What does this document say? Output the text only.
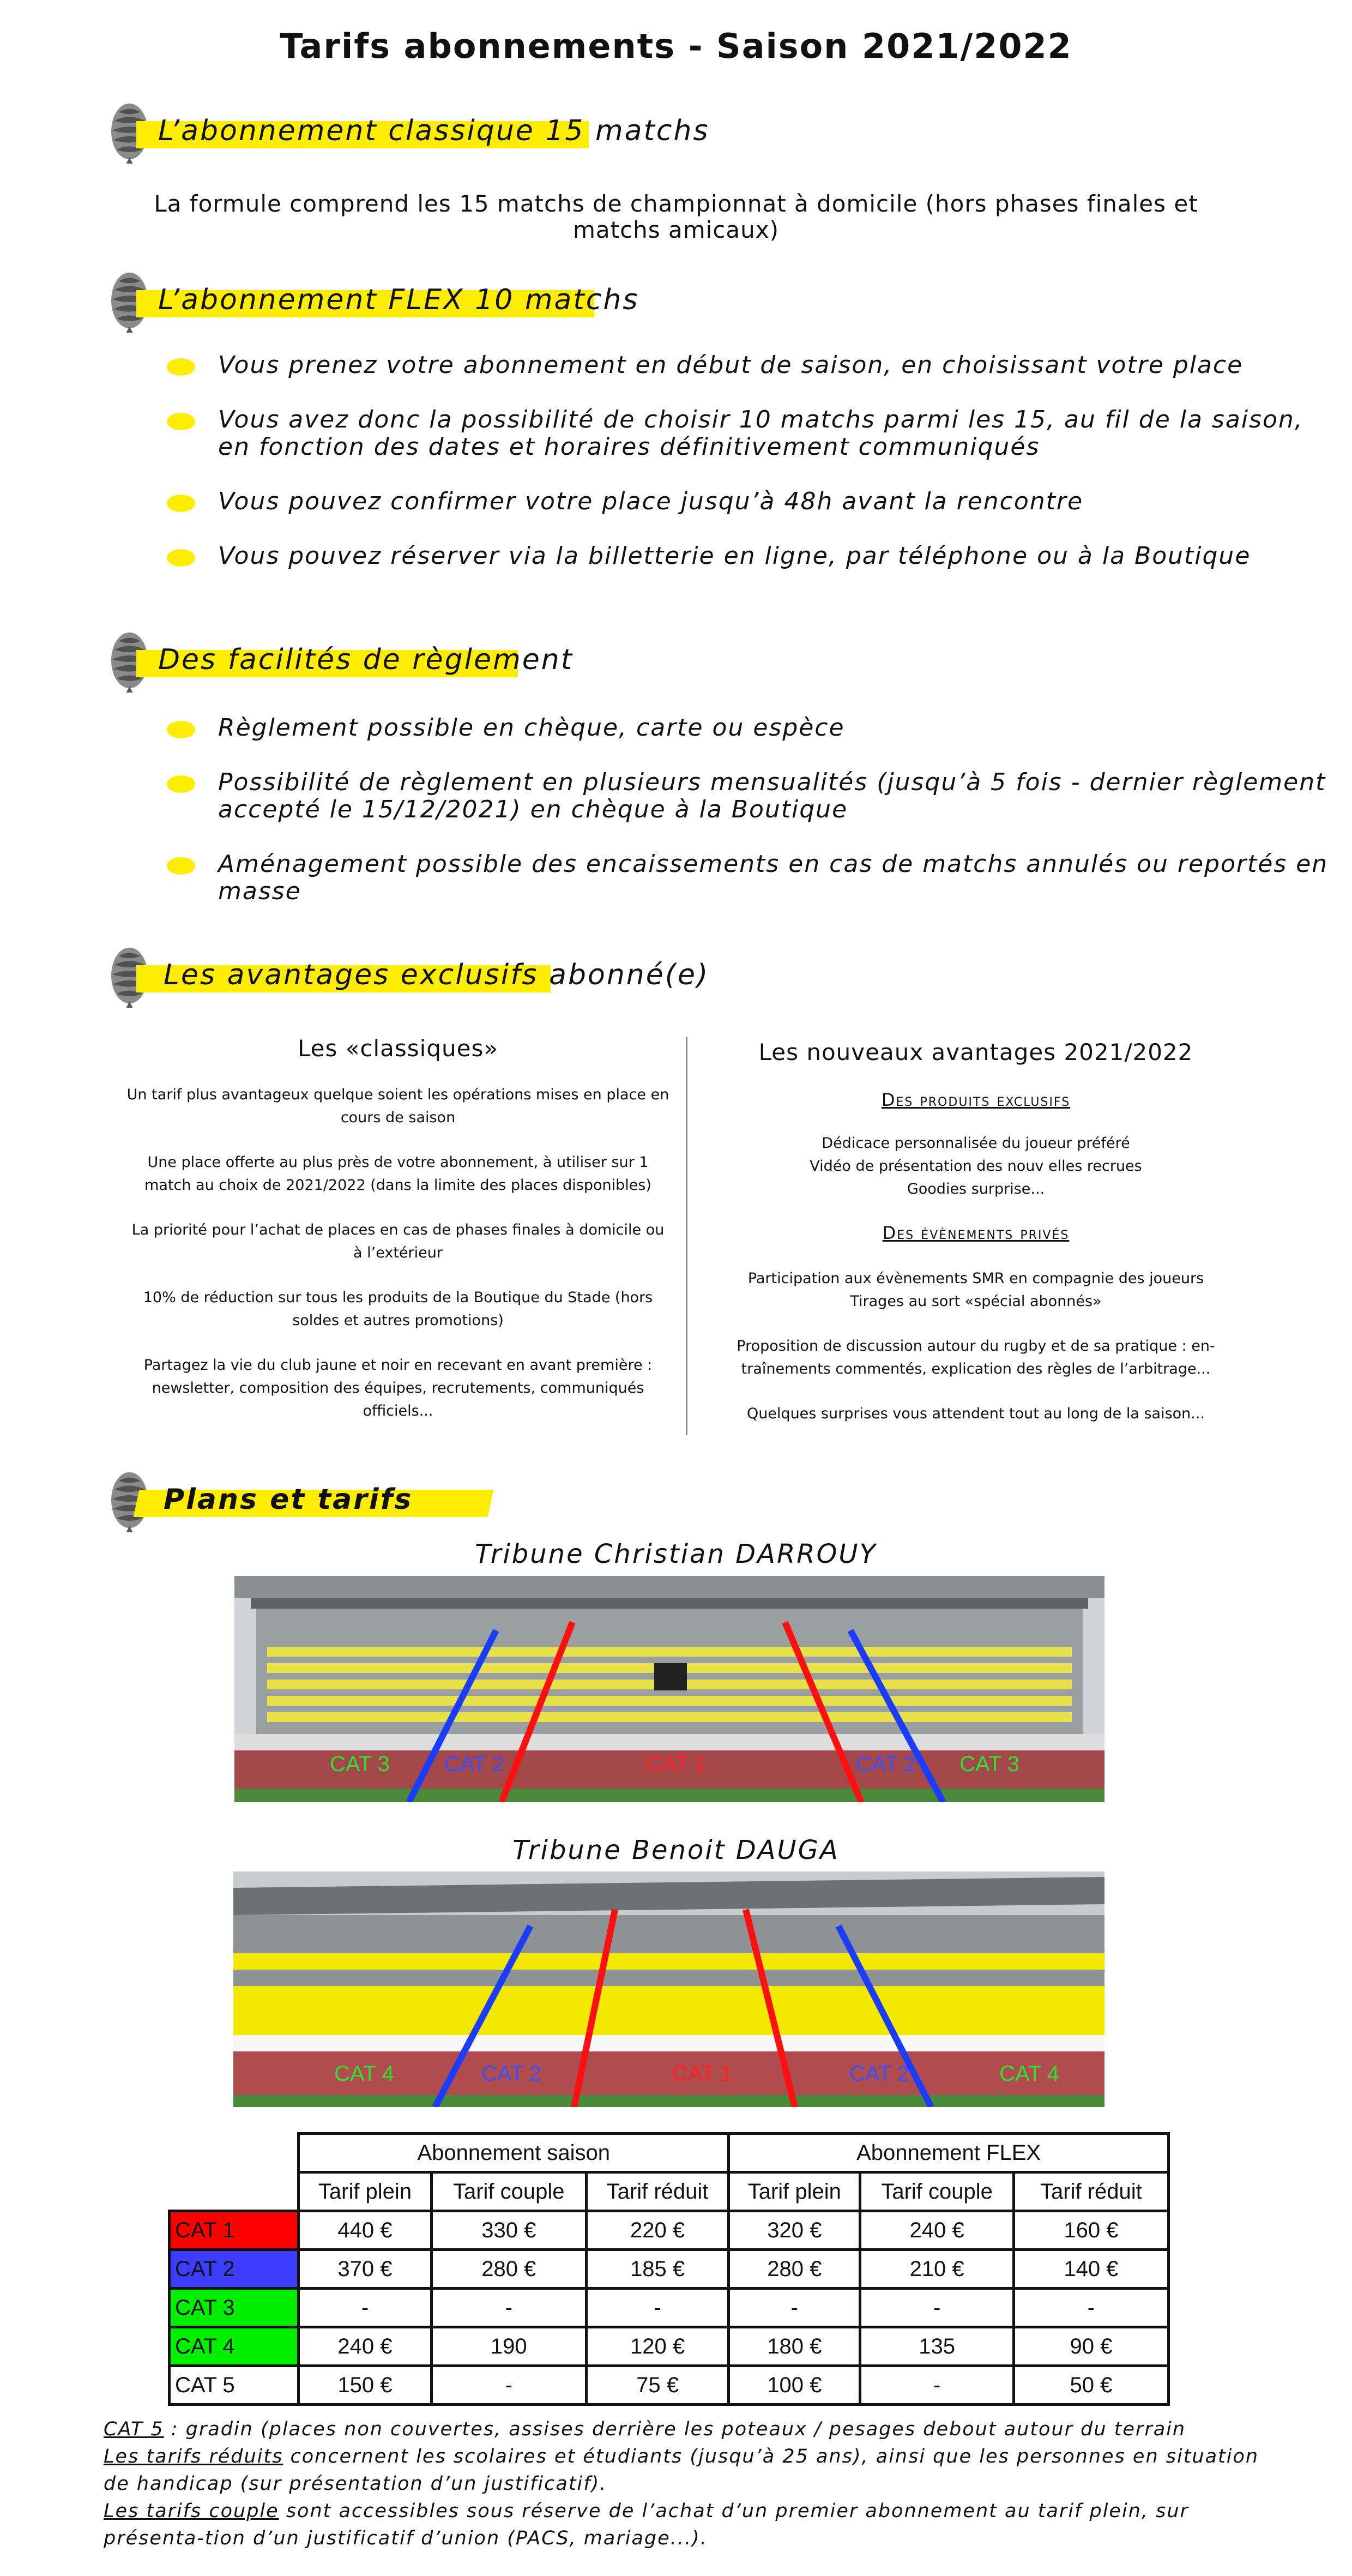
Tarifs abonnements - Saison 2021/2022
L’abonnement classique 15 matchs
La formule comprend les 15 matchs de championnat à domicile (hors phases finales et matchs amicaux)
L’abonnement FLEX 10 matchs
Vous prenez votre abonnement en début de saison, en choisissant votre place
Vous avez donc la possibilité de choisir 10 matchs parmi les 15, au fil de la saison, en fonction des dates et horaires définitivement communiqués
Vous pouvez confirmer votre place jusqu’à 48h avant la rencontre
Vous pouvez réserver via la billetterie en ligne, par téléphone ou à la Boutique
Des facilités de règlement
Règlement possible en chèque, carte ou espèce
Possibilité de règlement en plusieurs mensualités (jusqu’à 5 fois - dernier règlement accepté le 15/12/2021) en chèque à la Boutique
Aménagement possible des encaissements en cas de matchs annulés ou reportés en masse
Les avantages exclusifs abonné(e)
Les «classiques»

Un tarif plus avantageux quelque soient les opérations mises en place en cours de saison

Une place offerte au plus près de votre abonnement, à utiliser sur 1 match au choix de 2021/2022 (dans la limite des places disponibles)

La priorité pour l’achat de places en cas de phases finales à domicile ou à l’extérieur

10% de réduction sur tous les produits de la Boutique du Stade (hors soldes et autres promotions)

Partagez la vie du club jaune et noir en recevant en avant première : newsletter, composition des équipes, recrutements, communiqués officiels...

Les nouveaux avantages 2021/2022
Des produits exclusifs

Dédicace personnalisée du joueur préféré

Vidéo de présentation des nouv elles recrues

Goodies surprise...

Des évènements privés

Participation aux évènements SMR en compagnie des joueurs

Tirages au sort «spécial abonnés»

Proposition de discussion autour du rugby et de sa pratique : en-traînements commentés, explication des règles de l’arbitrage...

Quelques surprises vous attendent tout au long de la saison...

Plans et tarifs
Tribune Christian DARROUY
CAT 3	CAT 2	CAT 1	CAT 2 CAT 3
Tribune Benoit DAUGA
CAT 4	CAT 2	CAT 1	CAT 2	CAT 4
	Abonnement saison			Abonnement FLEX		
	Tarif plein	Tarif couple	Tarif réduit	Tarif plein	Tarif couple	Tarif réduit
CAT 1	440 €	330 €	220 €	320 €	240 €	160 €
CAT 2	370 €	280 €	185 €	280 €	210 €	140 €
CAT 3	-	-	-	-	-	-
CAT 4	240 €	190	120 €	180 €	135	90 €
CAT 5	150 €	-	75 €	100 €	-	50 €
CAT 5 : gradin (places non couvertes, assises derrière les poteaux / pesages debout autour du terrain
Les tarifs réduits concernent les scolaires et étudiants (jusqu’à 25 ans), ainsi que les personnes en situation de handicap (sur présentation d’un justificatif).
Les tarifs couple sont accessibles sous réserve de l’achat d’un premier abonnement au tarif plein, sur présenta-tion d’un justificatif d’union (PACS, mariage...).
